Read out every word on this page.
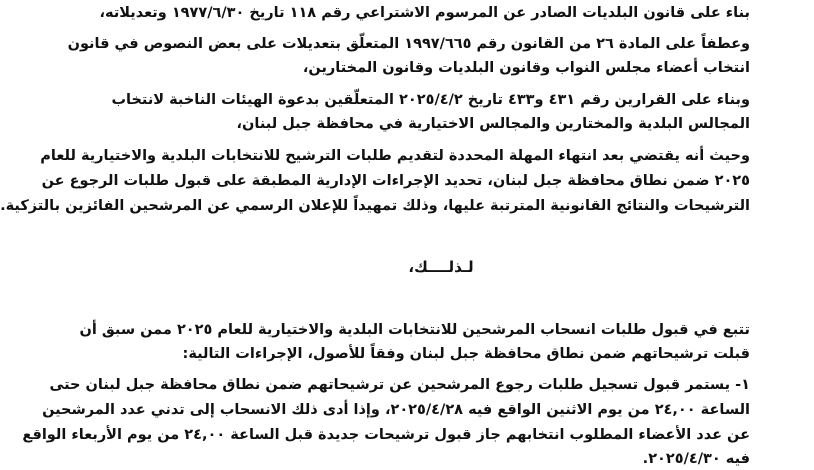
بناء على قانون البلديات الصادر عن المرسوم الاشتراعي رقم ١١٨ تاريخ ١٩٧٧/٦/٣٠ وتعديلاته،
وعطفاً على المادة ٢٦ من القانون رقم ١٩٩٧/٦٦٥ المتعلّق بتعديلات على بعض النصوص في قانون
انتخاب أعضاء مجلس النواب وقانون البلديات وقانون المختارين،
وبناء على القرارين رقم ٤٣١ و٤٣٣ تاريخ ٢٠٢٥/٤/٢ المتعلّقين بدعوة الهيئات الناخبة لانتخاب
المجالس البلدية والمختارين والمجالس الاختيارية في محافظة جبل لبنان،
وحيث أنه يقتضي بعد انتهاء المهلة المحددة لتقديم طلبات الترشيح للانتخابات البلدية والاختيارية للعام
٢٠٢٥ ضمن نطاق محافظة جبل لبنان، تحديد الإجراءات الإدارية المطبقة على قبول طلبات الرجوع عن
الترشيحات والنتائج القانونية المترتبة عليها، وذلك تمهيداً للإعلان الرسمي عن المرشحين الفائزين بالتزكية.
لـذلــــك،
تتبع في قبول طلبات انسحاب المرشحين للانتخابات البلدية والاختيارية للعام ٢٠٢٥ ممن سبق أن
قبلت ترشيحاتهم ضمن نطاق محافظة جبل لبنان وفقاً للأصول، الإجراءات التالية:
١- يستمر قبول تسجيل طلبات رجوع المرشحين عن ترشيحاتهم ضمن نطاق محافظة جبل لبنان حتى
الساعة ٢٤,٠٠ من يوم الاثنين الواقع فيه ٢٠٢٥/٤/٢٨، وإذا أدى ذلك الانسحاب إلى تدني عدد المرشحين
عن عدد الأعضاء المطلوب انتخابهم جاز قبول ترشيحات جديدة قبل الساعة ٢٤,٠٠ من يوم الأربعاء الواقع
فيه ٢٠٢٥/٤/٣٠.
